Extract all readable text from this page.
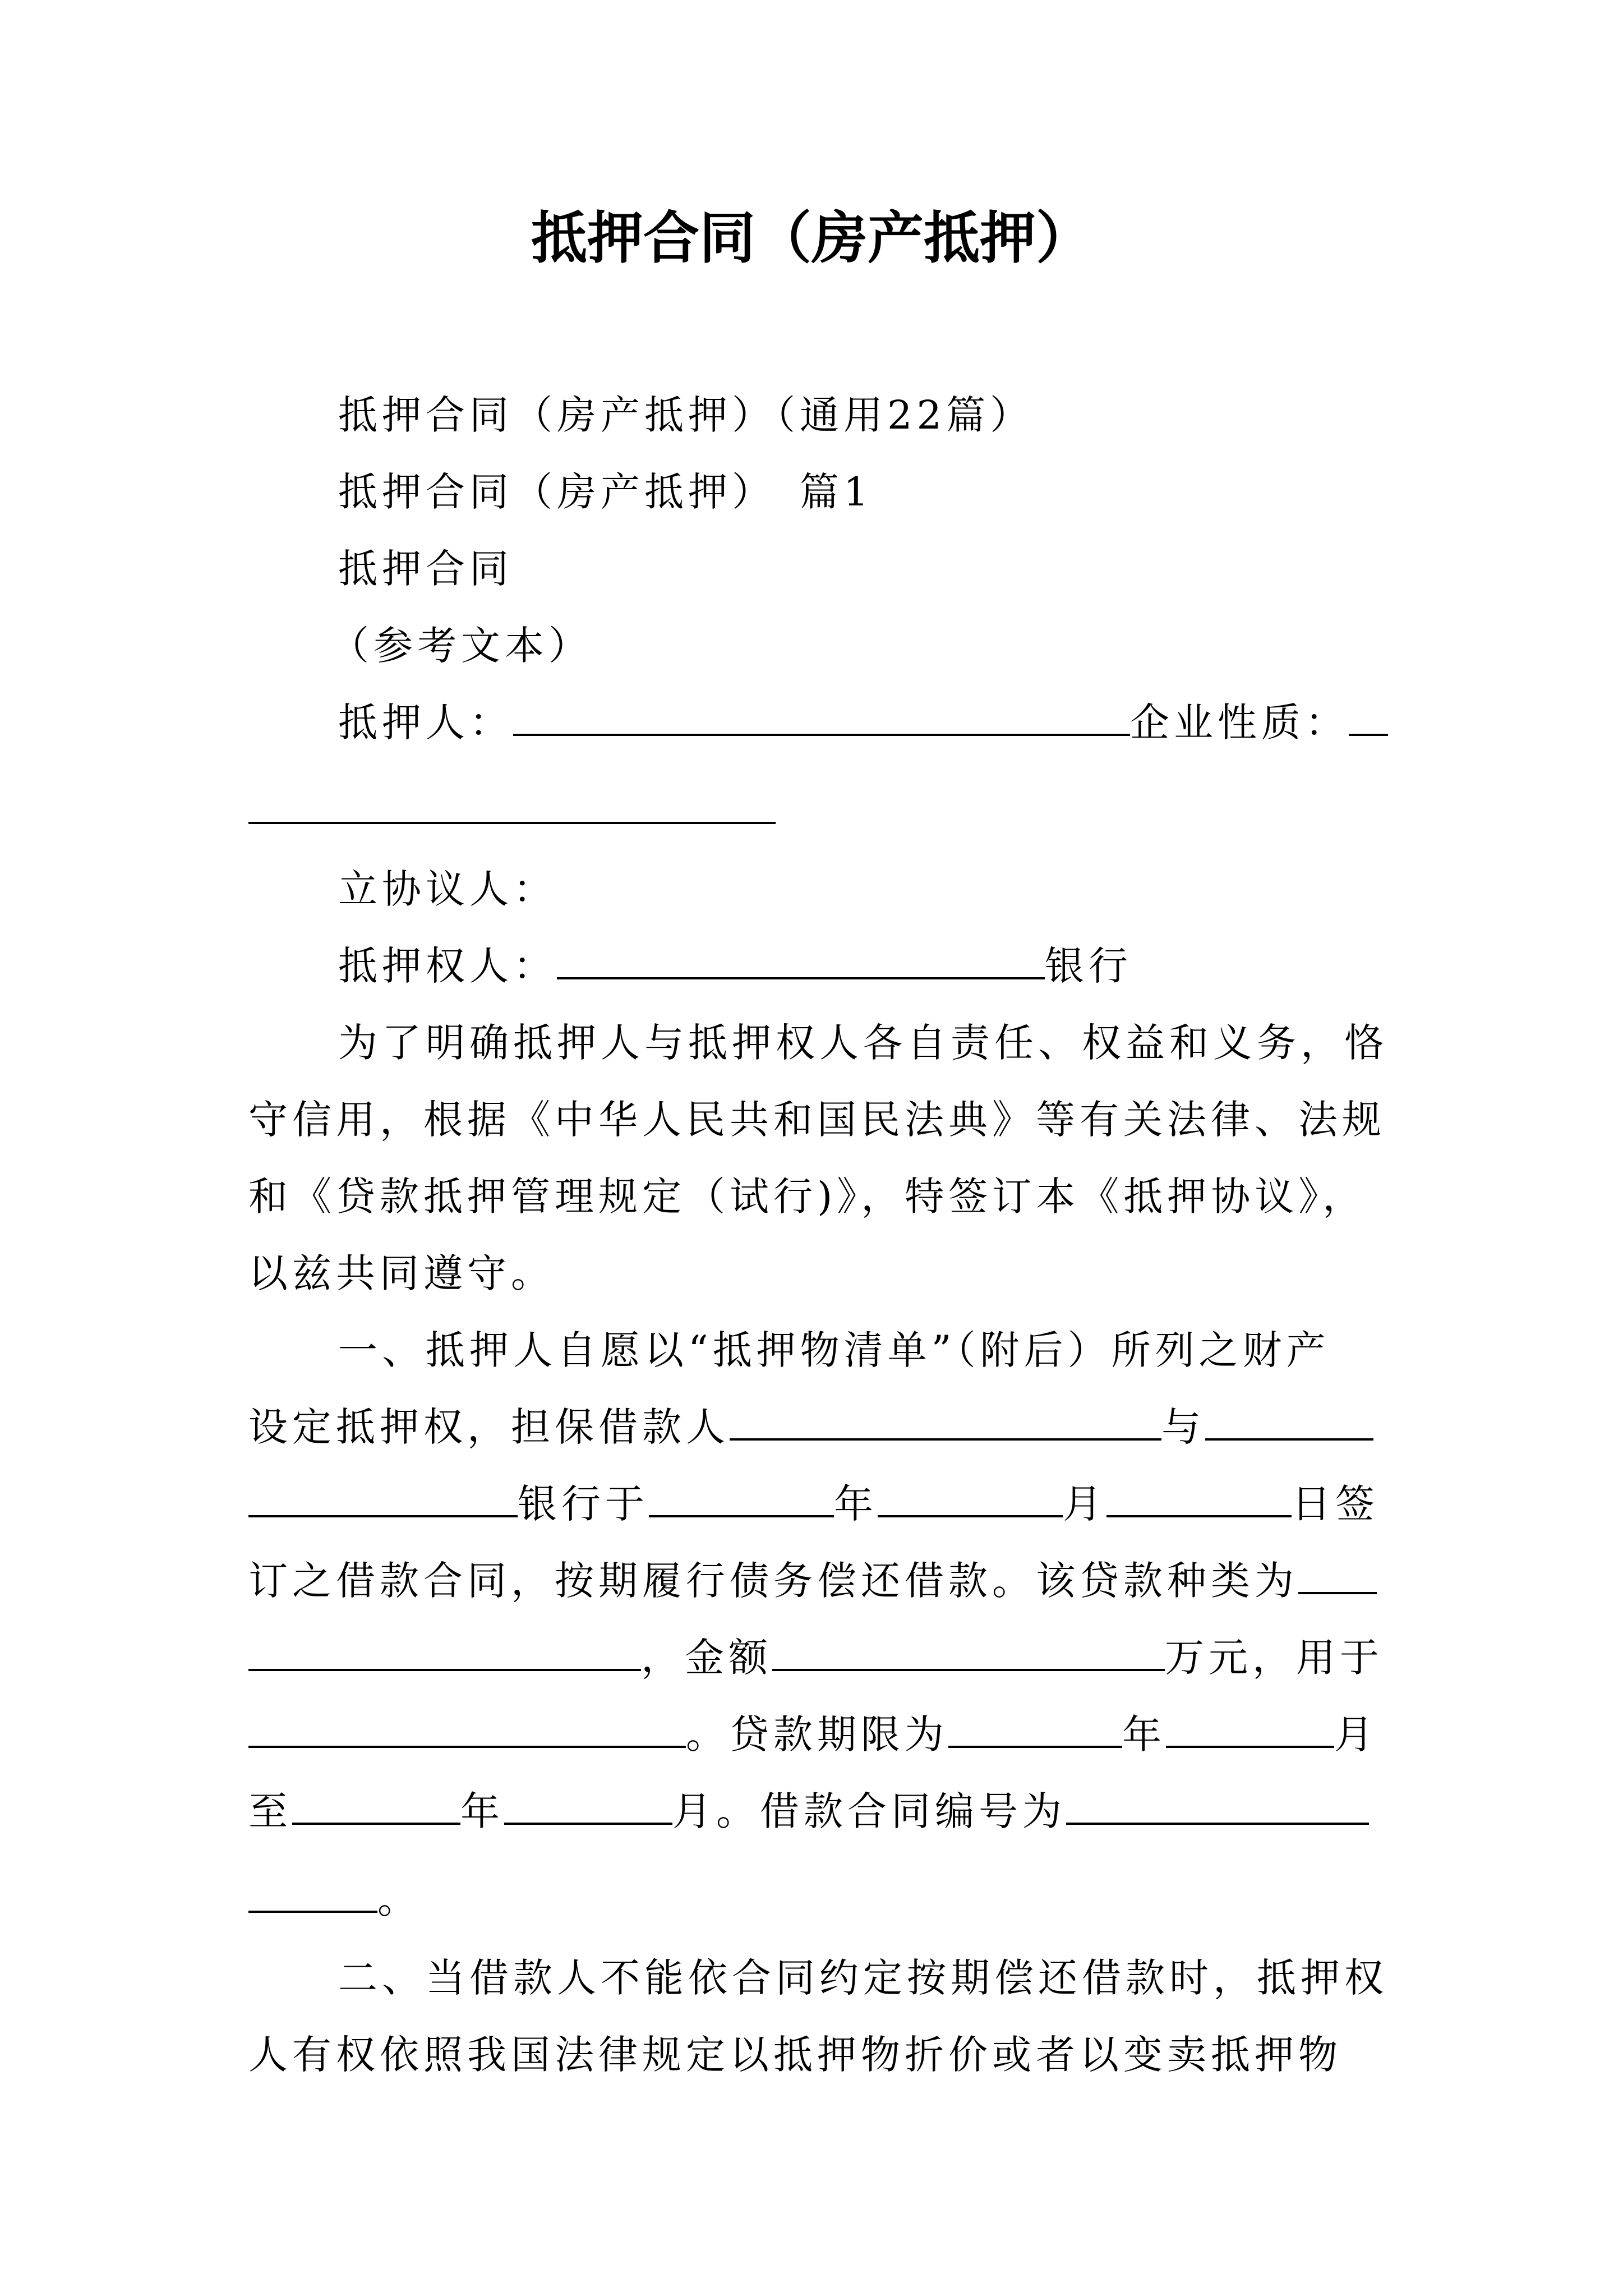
抵押合同（房产抵押）
抵押合同（房产抵押）（通用22篇）
抵押合同（房产抵押）　篇1
抵押合同
（参考文本）
抵押人：	企业性质：
立协议人：
抵押权人：	银行
为了明确抵押人与抵押权人各自责任、权益和义务，恪
守信用，根据《中华人民共和国民法典》等有关法律、法规
和《贷款抵押管理规定（试行)》，特签订本《抵押协议》，
以兹共同遵守。
一、抵押人自愿以“抵押物清单”（附后）所列之财产
设定抵押权，担保借款人	与
银行于	年	月	日签
订之借款合同，按期履行债务偿还借款。该贷款种类为
，金额	万元，用于
。贷款期限为	年	月
至	年	月。借款合同编号为
。
二、当借款人不能依合同约定按期偿还借款时，抵押权
人有权依照我国法律规定以抵押物折价或者以变卖抵押物
